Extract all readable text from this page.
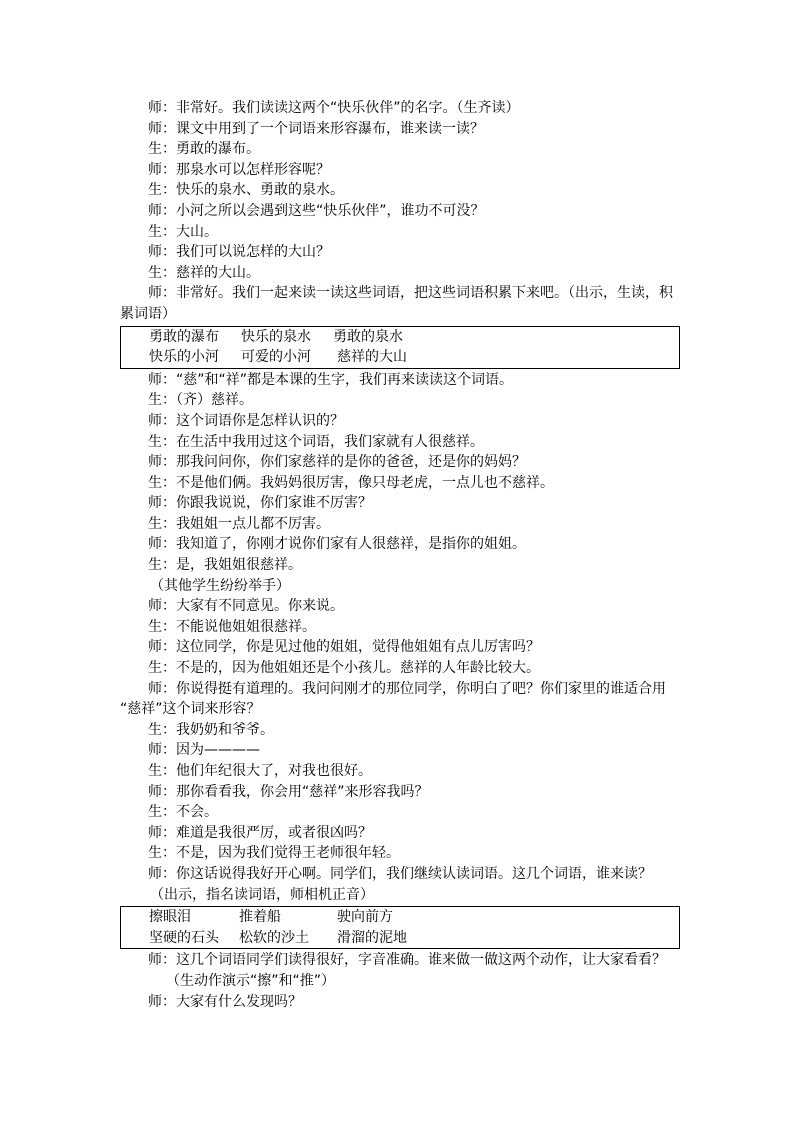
师：非常好。我们读读这两个“快乐伙伴”的名字。（生齐读）
师：课文中用到了一个词语来形容瀑布，谁来读一读？
生：勇敢的瀑布。
师：那泉水可以怎样形容呢？
生：快乐的泉水、勇敢的泉水。
师：小河之所以会遇到这些“快乐伙伴”，谁功不可没？
生：大山。
师：我们可以说怎样的大山？
生：慈祥的大山。
师：非常好。我们一起来读一读这些词语，把这些词语积累下来吧。（出示，生读，积
累词语）
勇敢的瀑布 快乐的泉水 勇敢的泉水
快乐的小河 可爱的小河 慈祥的大山
师：“慈”和“祥”都是本课的生字，我们再来读读这个词语。
生：（齐）慈祥。
师：这个词语你是怎样认识的？
生：在生活中我用过这个词语，我们家就有人很慈祥。
师：那我问问你，你们家慈祥的是你的爸爸，还是你的妈妈？
生：不是他们俩。我妈妈很厉害，像只母老虎，一点儿也不慈祥。
师：你跟我说说，你们家谁不厉害？
生：我姐姐一点儿都不厉害。
师：我知道了，你刚才说你们家有人很慈祥，是指你的姐姐。
生：是，我姐姐很慈祥。
（其他学生纷纷举手）
师：大家有不同意见。你来说。
生：不能说他姐姐很慈祥。
师：这位同学，你是见过他的姐姐，觉得他姐姐有点儿厉害吗？
生：不是的，因为他姐姐还是个小孩儿。慈祥的人年龄比较大。
师：你说得挺有道理的。我问问刚才的那位同学，你明白了吧？你们家里的谁适合用
“慈祥”这个词来形容？
生：我奶奶和爷爷。
师：因为————
生：他们年纪很大了，对我也很好。
师：那你看看我，你会用“慈祥”来形容我吗？
生：不会。
师：难道是我很严厉，或者很凶吗？
生：不是，因为我们觉得王老师很年轻。
师：你这话说得我好开心啊。同学们，我们继续认读词语。这几个词语，谁来读？
（出示，指名读词语，师相机正音）
擦眼泪	推着船	驶向前方
坚硬的石头 松软的沙土 滑溜的泥地
师：这几个词语同学们读得很好，字音准确。谁来做一做这两个动作，让大家看看？
（生动作演示“擦”和“推”）
师：大家有什么发现吗？
